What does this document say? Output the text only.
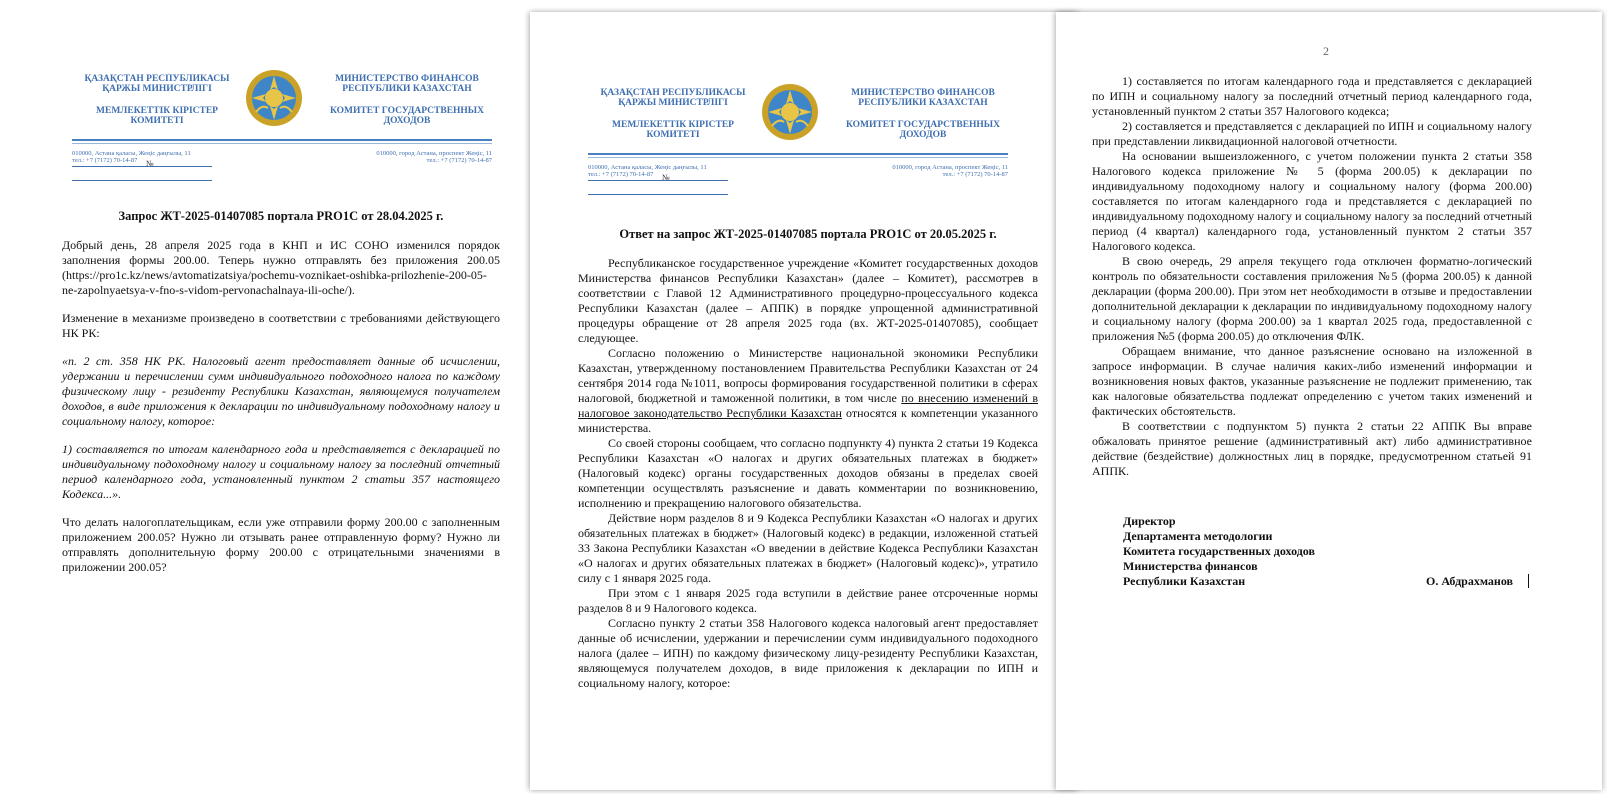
ҚАЗАҚСТАН РЕСПУБЛИКАСЫ ҚАРЖЫ МИНИСТРЛІГІ
МИНИСТЕРСТВО ФИНАНСОВ РЕСПУБЛИКИ КАЗАХСТАН
МЕМЛЕКЕТТІК КІРІСТЕР КОМИТЕТІ
КОМИТЕТ ГОСУДАРСТВЕННЫХ ДОХОДОВ
010000, Астана қаласы, Жеңіс даңғылы, 11
тел.: +7 (7172) 70-14-87
010000, город Астана, проспект Жеңіс, 11
тел.: +7 (7172) 70-14-87
№
Запрос ЖТ-2025-01407085 портала PRO1C от 28.04.2025 г.

Добрый день, 28 апреля 2025 года в КНП и ИС СОНО изменился порядок заполнения формы 200.00. Теперь нужно отправлять без приложения 200.05 (https://pro1c.kz/news/avtomatizatsiya/pochemu-voznikaet-oshibka-prilozhenie-200-05-ne-zapolnyaetsya-v-fno-s-vidom-pervonachalnaya-ili-oche/).

Изменение в механизме произведено в соответствии с требованиями действующего НК РК:

«п. 2 ст. 358 НК РК. Налоговый агент предоставляет данные об исчислении, удержании и перечислении сумм индивидуального подоходного налога по каждому физическому лицу - резиденту Республики Казахстан, являющемуся получателем доходов, в виде приложения к декларации по индивидуальному подоходному налогу и социальному налогу, которое:

1) составляется по итогам календарного года и представляется с декларацией по индивидуальному подоходному налогу и социальному налогу за последний отчетный период календарного года, установленный пунктом 2 статьи 357 настоящего Кодекса...».

Что делать налогоплательщикам, если уже отправили форму 200.00 с заполненным приложением 200.05? Нужно ли отзывать ранее отправленную форму? Нужно ли отправлять дополнительную форму 200.00 с отрицательными значениями в приложении 200.05?

ҚАЗАҚСТАН РЕСПУБЛИКАСЫ ҚАРЖЫ МИНИСТРЛІГІ
МИНИСТЕРСТВО ФИНАНСОВ РЕСПУБЛИКИ КАЗАХСТАН
МЕМЛЕКЕТТІК КІРІСТЕР КОМИТЕТІ
КОМИТЕТ ГОСУДАРСТВЕННЫХ ДОХОДОВ
010000, Астана қаласы, Жеңіс даңғылы, 11
тел.: +7 (7172) 70-14-87
010000, город Астана, проспект Жеңіс, 11
тел.: +7 (7172) 70-14-87
№
Ответ на запрос ЖТ-2025-01407085 портала PRO1C от 20.05.2025 г.

Республиканское государственное учреждение «Комитет государственных доходов Министерства финансов Республики Казахстан» (далее – Комитет), рассмотрев в соответствии с Главой 12 Административного процедурно-процессуального кодекса Республики Казахстан (далее – АППК) в порядке упрощенной административной процедуры обращение от 28 апреля 2025 года (вх. ЖТ-2025-01407085), сообщает следующее.

Согласно положению о Министерстве национальной экономики Республики Казахстан, утвержденному постановлением Правительства Республики Казахстан от 24 сентября 2014 года №1011, вопросы формирования государственной политики в сферах налоговой, бюджетной и таможенной политики, в том числе по внесению изменений в налоговое законодательство Республики Казахстан относятся к компетенции указанного министерства.

Со своей стороны сообщаем, что согласно подпункту 4) пункта 2 статьи 19 Кодекса Республики Казахстан «О налогах и других обязательных платежах в бюджет» (Налоговый кодекс) органы государственных доходов обязаны в пределах своей компетенции осуществлять разъяснение и давать комментарии по возникновению, исполнению и прекращению налогового обязательства.

Действие норм разделов 8 и 9 Кодекса Республики Казахстан «О налогах и других обязательных платежах в бюджет» (Налоговый кодекс) в редакции, изложенной статьей 33 Закона Республики Казахстан «О введении в действие Кодекса Республики Казахстан «О налогах и других обязательных платежах в бюджет» (Налоговый кодекс)», утратило силу с 1 января 2025 года.

При этом с 1 января 2025 года вступили в действие ранее отсроченные нормы разделов 8 и 9 Налогового кодекса.

Согласно пункту 2 статьи 358 Налогового кодекса налоговый агент предоставляет данные об исчислении, удержании и перечислении сумм индивидуального подоходного налога (далее – ИПН) по каждому физическому лицу-резиденту Республики Казахстан, являющемуся получателем доходов, в виде приложения к декларации по ИПН и социальному налогу, которое:

2

1) составляется по итогам календарного года и представляется с декларацией по ИПН и социальному налогу за последний отчетный период календарного года, установленный пунктом 2 статьи 357 Налогового кодекса;

2) составляется и представляется с декларацией по ИПН и социальному налогу при представлении ликвидационной налоговой отчетности.

На основании вышеизложенного, с учетом положении пункта 2 статьи 358 Налогового кодекса приложение № 5 (форма 200.05) к декларации по индивидуальному подоходному налогу и социальному налогу (форма 200.00) составляется по итогам календарного года и представляется с декларацией по индивидуальному подоходному налогу и социальному налогу за последний отчетный период (4 квартал) календарного года, установленный пунктом 2 статьи 357 Налогового кодекса.

В свою очередь, 29 апреля текущего года отключен форматно-логический контроль по обязательности составления приложения №5 (форма 200.05) к данной декларации (форма 200.00). При этом нет необходимости в отзыве и предоставлении дополнительной декларации к декларации по индивидуальному подоходному налогу и социальному налогу (форма 200.00) за 1 квартал 2025 года, предоставленной с приложения №5 (форма 200.05) до отключения ФЛК.

Обращаем внимание, что данное разъяснение основано на изложенной в запросе информации. В случае наличия каких-либо изменений информации и возникновения новых фактов, указанные разъяснение не подлежит применению, так как налоговые обязательства подлежат определению с учетом таких изменений и фактических обстоятельств.

В соответствии с подпунктом 5) пункта 2 статьи 22 АППК Вы вправе обжаловать принятое решение (административный акт) либо административное действие (бездействие) должностных лиц в порядке, предусмотренном статьей 91 АППК.

Директор
Департамента методологии
Комитета государственных доходов
Министерства финансов
Республики Казахстан	О. Абдрахманов
